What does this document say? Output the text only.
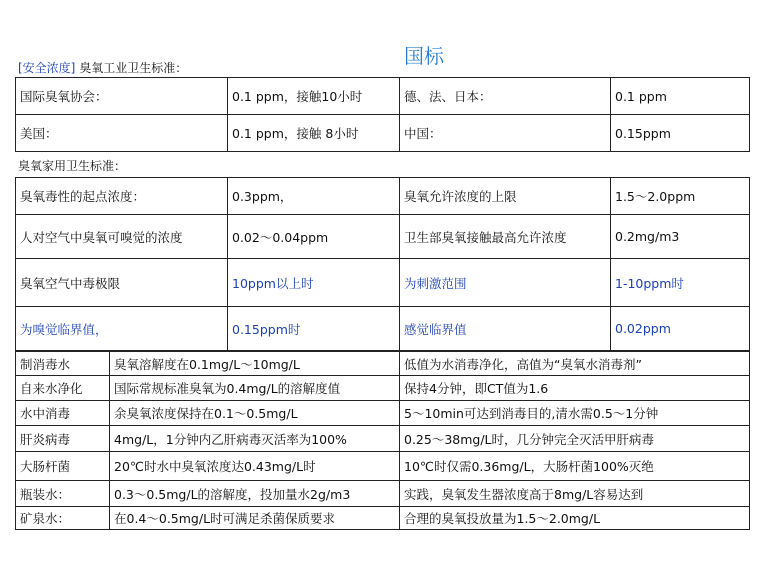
国标
[安全浓度] 臭氧工业卫生标准：
国际臭氧协会：	0.1 ppm，接触10小时	德、法、日本：	0.1 ppm
美国：	0.1 ppm，接触 8小时	中国：	0.15ppm
臭氧家用卫生标准：
臭氧毒性的起点浓度：	0.3ppm，	臭氧允许浓度的上限	1.5～2.0ppm
人对空气中臭氧可嗅觉的浓度	0.02～0.04ppm	卫生部臭氧接触最高允许浓度	0.2mg/m3
臭氧空气中毒极限	10ppm以上时	为刺激范围	1-10ppm时
为嗅觉临界值，	0.15ppm时	感觉临界值	0.02ppm
制消毒水	臭氧溶解度在0.1mg/L～10mg/L	低值为水消毒净化，高值为“臭氧水消毒剂”
自来水净化	国际常规标准臭氧为0.4mg/L的溶解度值	保持4分钟，即CT值为1.6
水中消毒	余臭氧浓度保持在0.1～0.5mg/L	5～10min可达到消毒目的,清水需0.5～1分钟
肝炎病毒	4mg/L，1分钟内乙肝病毒灭活率为100%	0.25～38mg/L时，几分钟完全灭活甲肝病毒
大肠杆菌	20℃时水中臭氧浓度达0.43mg/L时	10℃时仅需0.36mg/L，大肠杆菌100%灭绝
瓶装水：	0.3～0.5mg/L的溶解度，投加量水2g/m3	实践，臭氧发生器浓度高于8mg/L容易达到
矿泉水：	在0.4～0.5mg/L时可满足杀菌保质要求	合理的臭氧投放量为1.5～2.0mg/L
